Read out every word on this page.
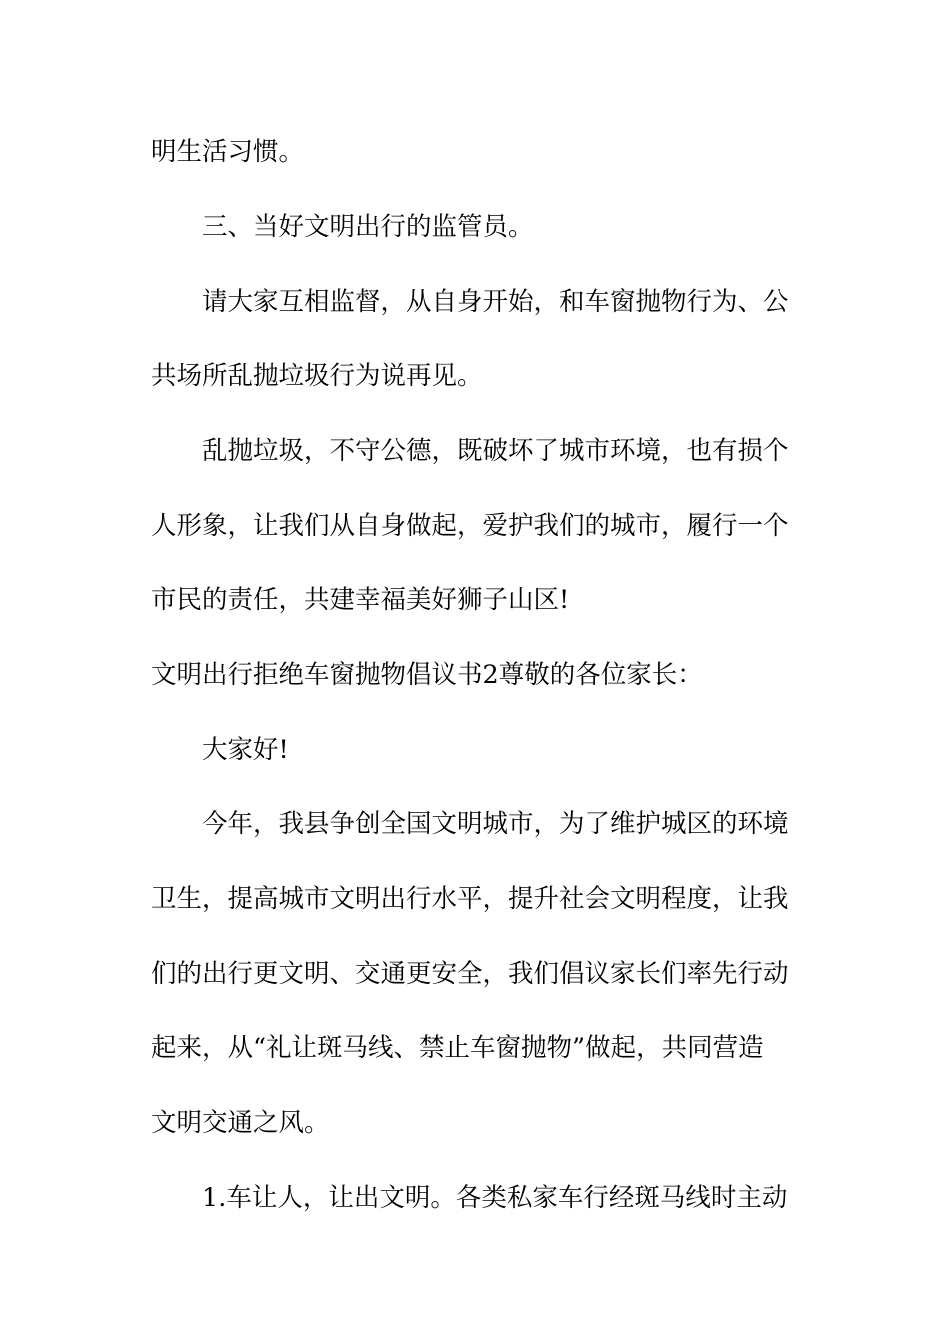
明生活习惯。

三、当好文明出行的监管员。

请大家互相监督，从自身开始，和车窗抛物行为、公

共场所乱抛垃圾行为说再见。

乱抛垃圾，不守公德，既破坏了城市环境，也有损个

人形象，让我们从自身做起，爱护我们的城市，履行一个

市民的责任，共建幸福美好狮子山区!

文明出行拒绝车窗抛物倡议书2尊敬的各位家长：

大家好!

今年，我县争创全国文明城市，为了维护城区的环境

卫生，提高城市文明出行水平，提升社会文明程度，让我

们的出行更文明、交通更安全，我们倡议家长们率先行动

起来，从“礼让斑马线、禁止车窗抛物”做起，共同营造

文明交通之风。

1.车让人，让出文明。各类私家车行经斑马线时主动
